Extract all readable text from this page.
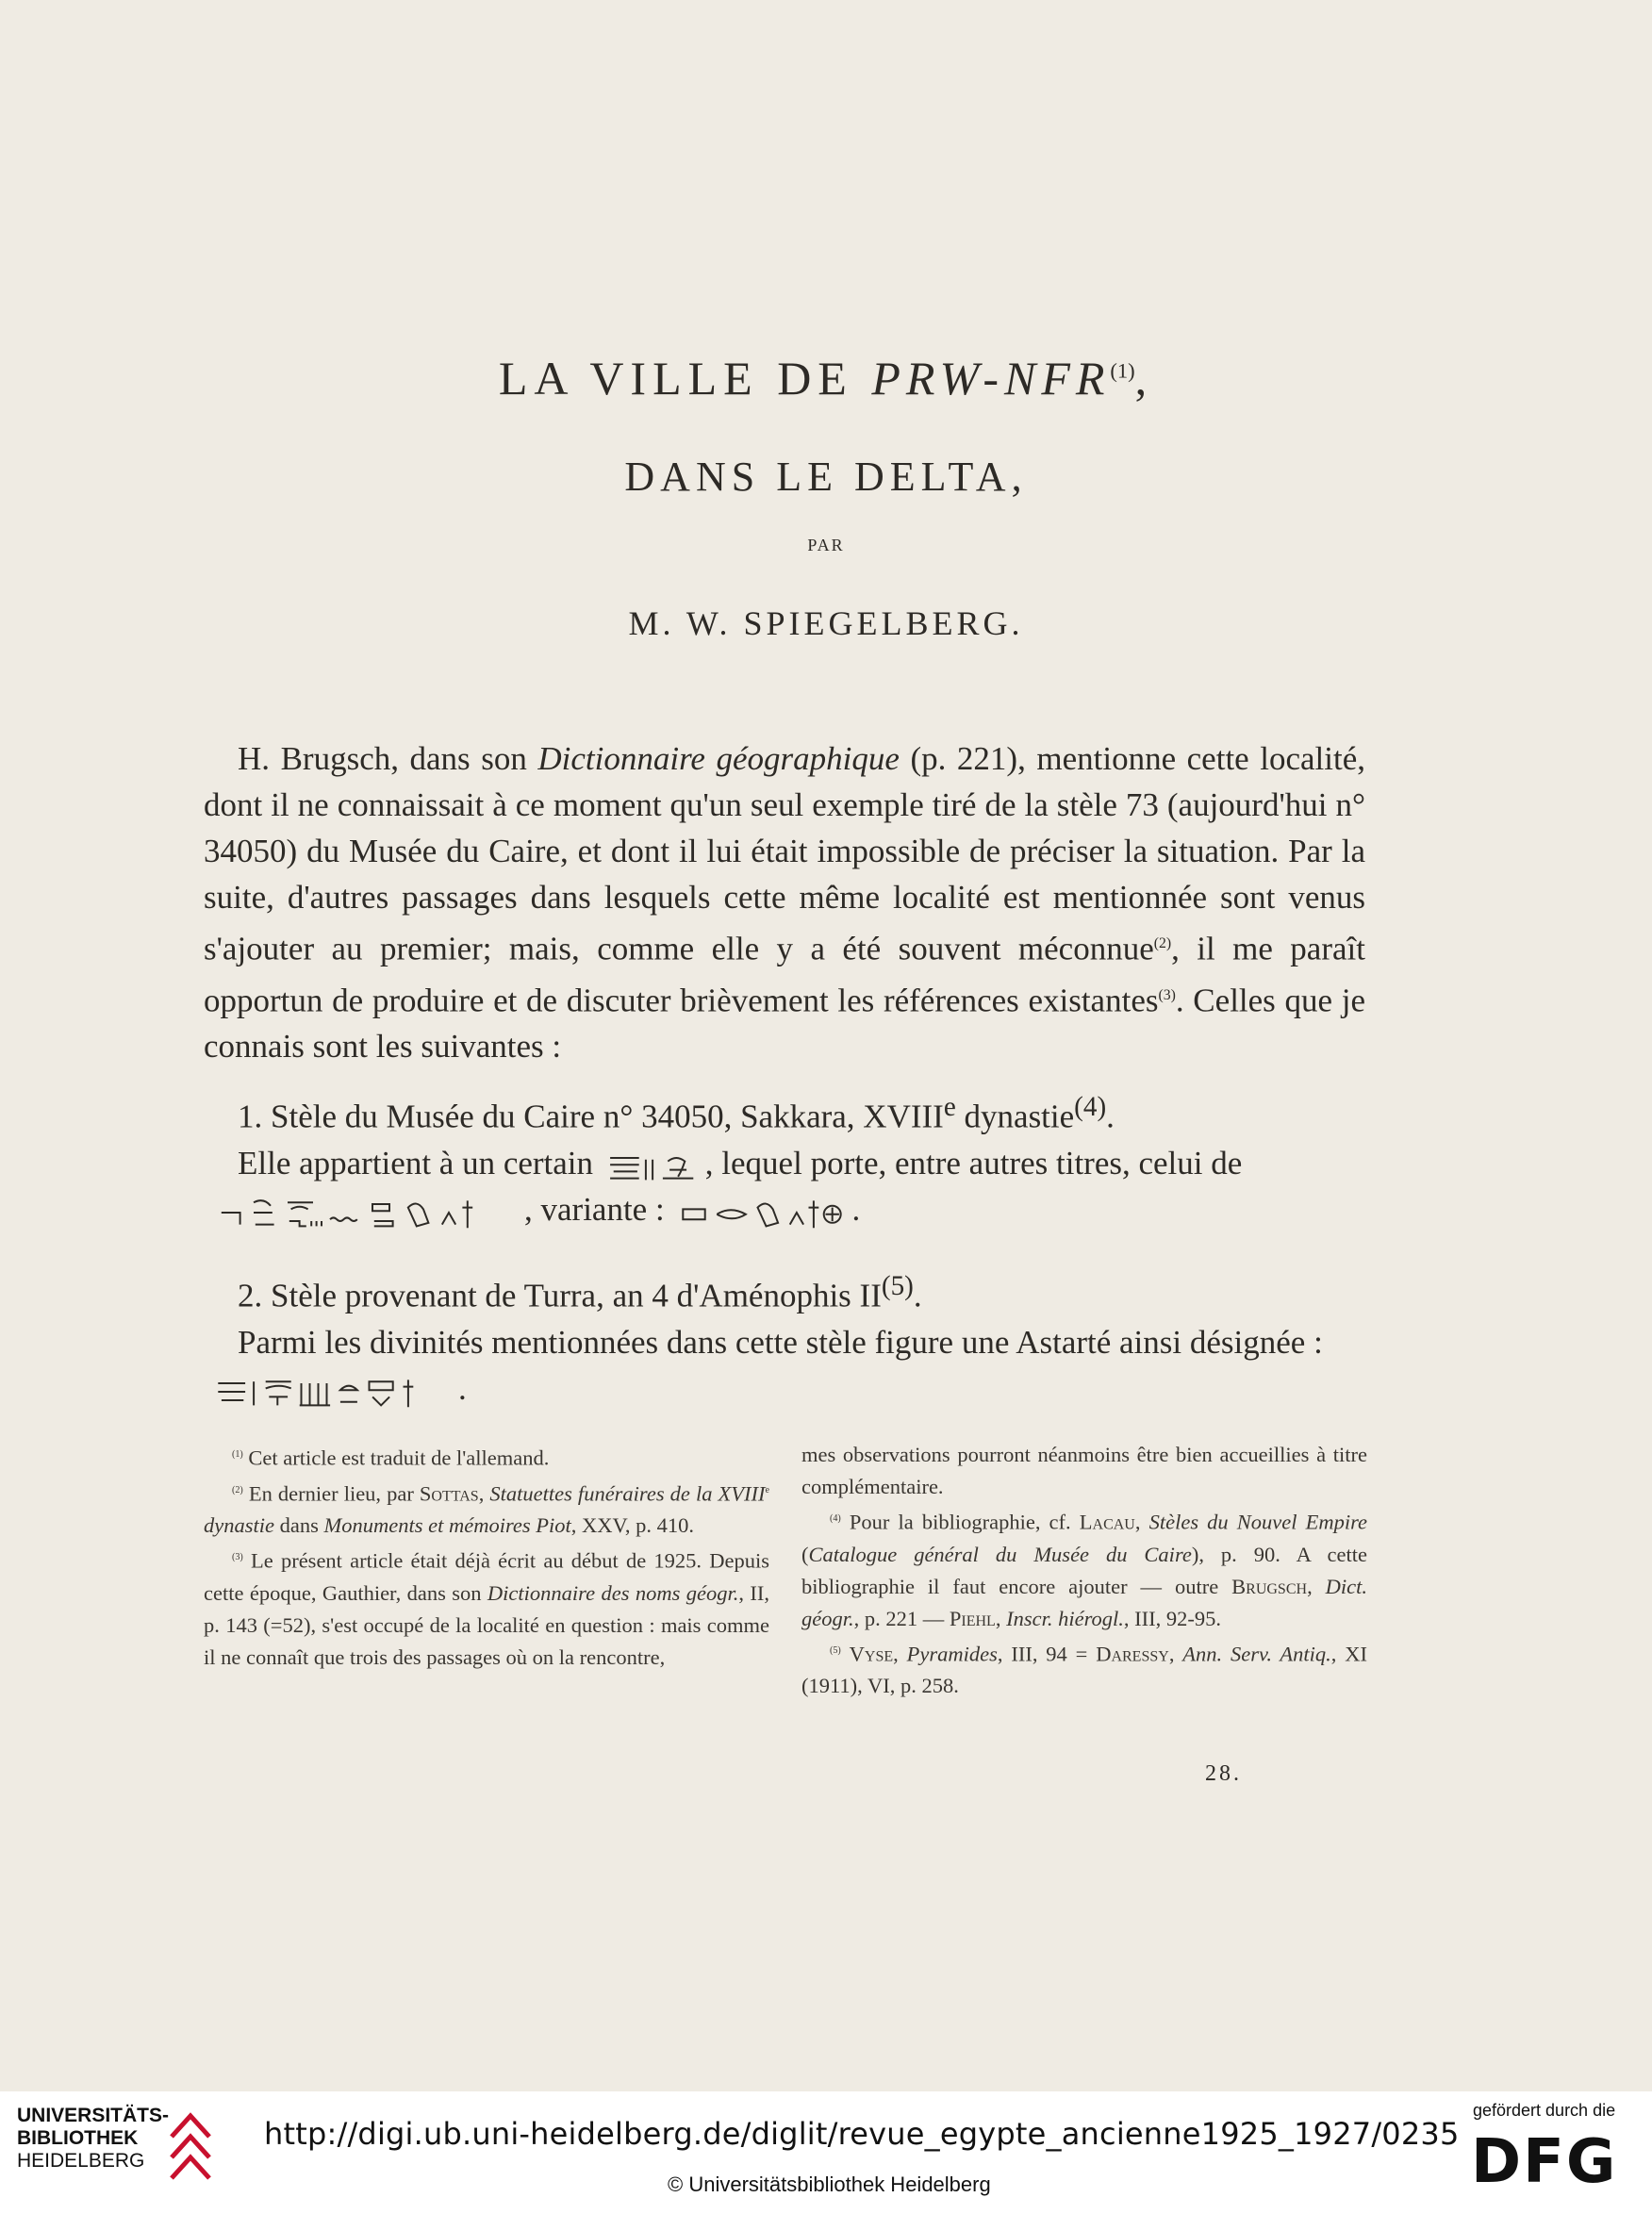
LA VILLE DE PRW-NFR$^{(1)}$,
DANS LE DELTA,
PAR
M. W. SPIEGELBERG.
H. Brugsch, dans son Dictionnaire géographique (p. 221), mentionne cette localité, dont il ne connaissait à ce moment qu'un seul exemple tiré de la stèle 73 (aujourd'hui n° 34050) du Musée du Caire, et dont il lui était impossible de préciser la situation. Par la suite, d'autres passages dans lesquels cette même localité est mentionnée sont venus s'ajouter au premier; mais, comme elle y a été souvent méconnue$^{(2)}$, il me paraît opportun de produire et de discuter brièvement les références existantes$^{(3)}$. Celles que je connais sont les suivantes :
1. Stèle du Musée du Caire n° 34050, Sakkara, XVIIIe dynastie$^{(4)}$.
Elle appartient à un certain	, lequel porte, entre autres titres, celui de
, variante :	.
2. Stèle provenant de Turra, an 4 d'Aménophis II$^{(5)}$.
Parmi les divinités mentionnées dans cette stèle figure une Astarté ainsi désignée :
.

$^{(1)}$ Cet article est traduit de l'allemand.

$^{(2)}$ En dernier lieu, par Sottas, Statuettes funéraires de la XVIIIe dynastie dans Monuments et mémoires Piot, XXV, p. 410.

$^{(3)}$ Le présent article était déjà écrit au début de 1925. Depuis cette époque, Gauthier, dans son Dictionnaire des noms géogr., II, p. 143 (=52), s'est occupé de la localité en question : mais comme il ne connaît que trois des passages où on la rencontre,

mes observations pourront néanmoins être bien accueillies à titre complémentaire.

$^{(4)}$ Pour la bibliographie, cf. Lacau, Stèles du Nouvel Empire (Catalogue général du Musée du Caire), p. 90. A cette bibliographie il faut encore ajouter — outre Brugsch, Dict. géogr., p. 221 — Piehl, Inscr. hiérogl., III, 92-95.

$^{(5)}$ Vyse, Pyramides, III, 94 = Daressy, Ann. Serv. Antiq., XI (1911), VI, p. 258.

28.
UNIVERSITÄTS-
BIBLIOTHEK
HEIDELBERG
http://digi.ub.uni-heidelberg.de/diglit/revue_egypte_ancienne1925_1927/0235
© Universitätsbibliothek Heidelberg
gefördert durch die
DFG
